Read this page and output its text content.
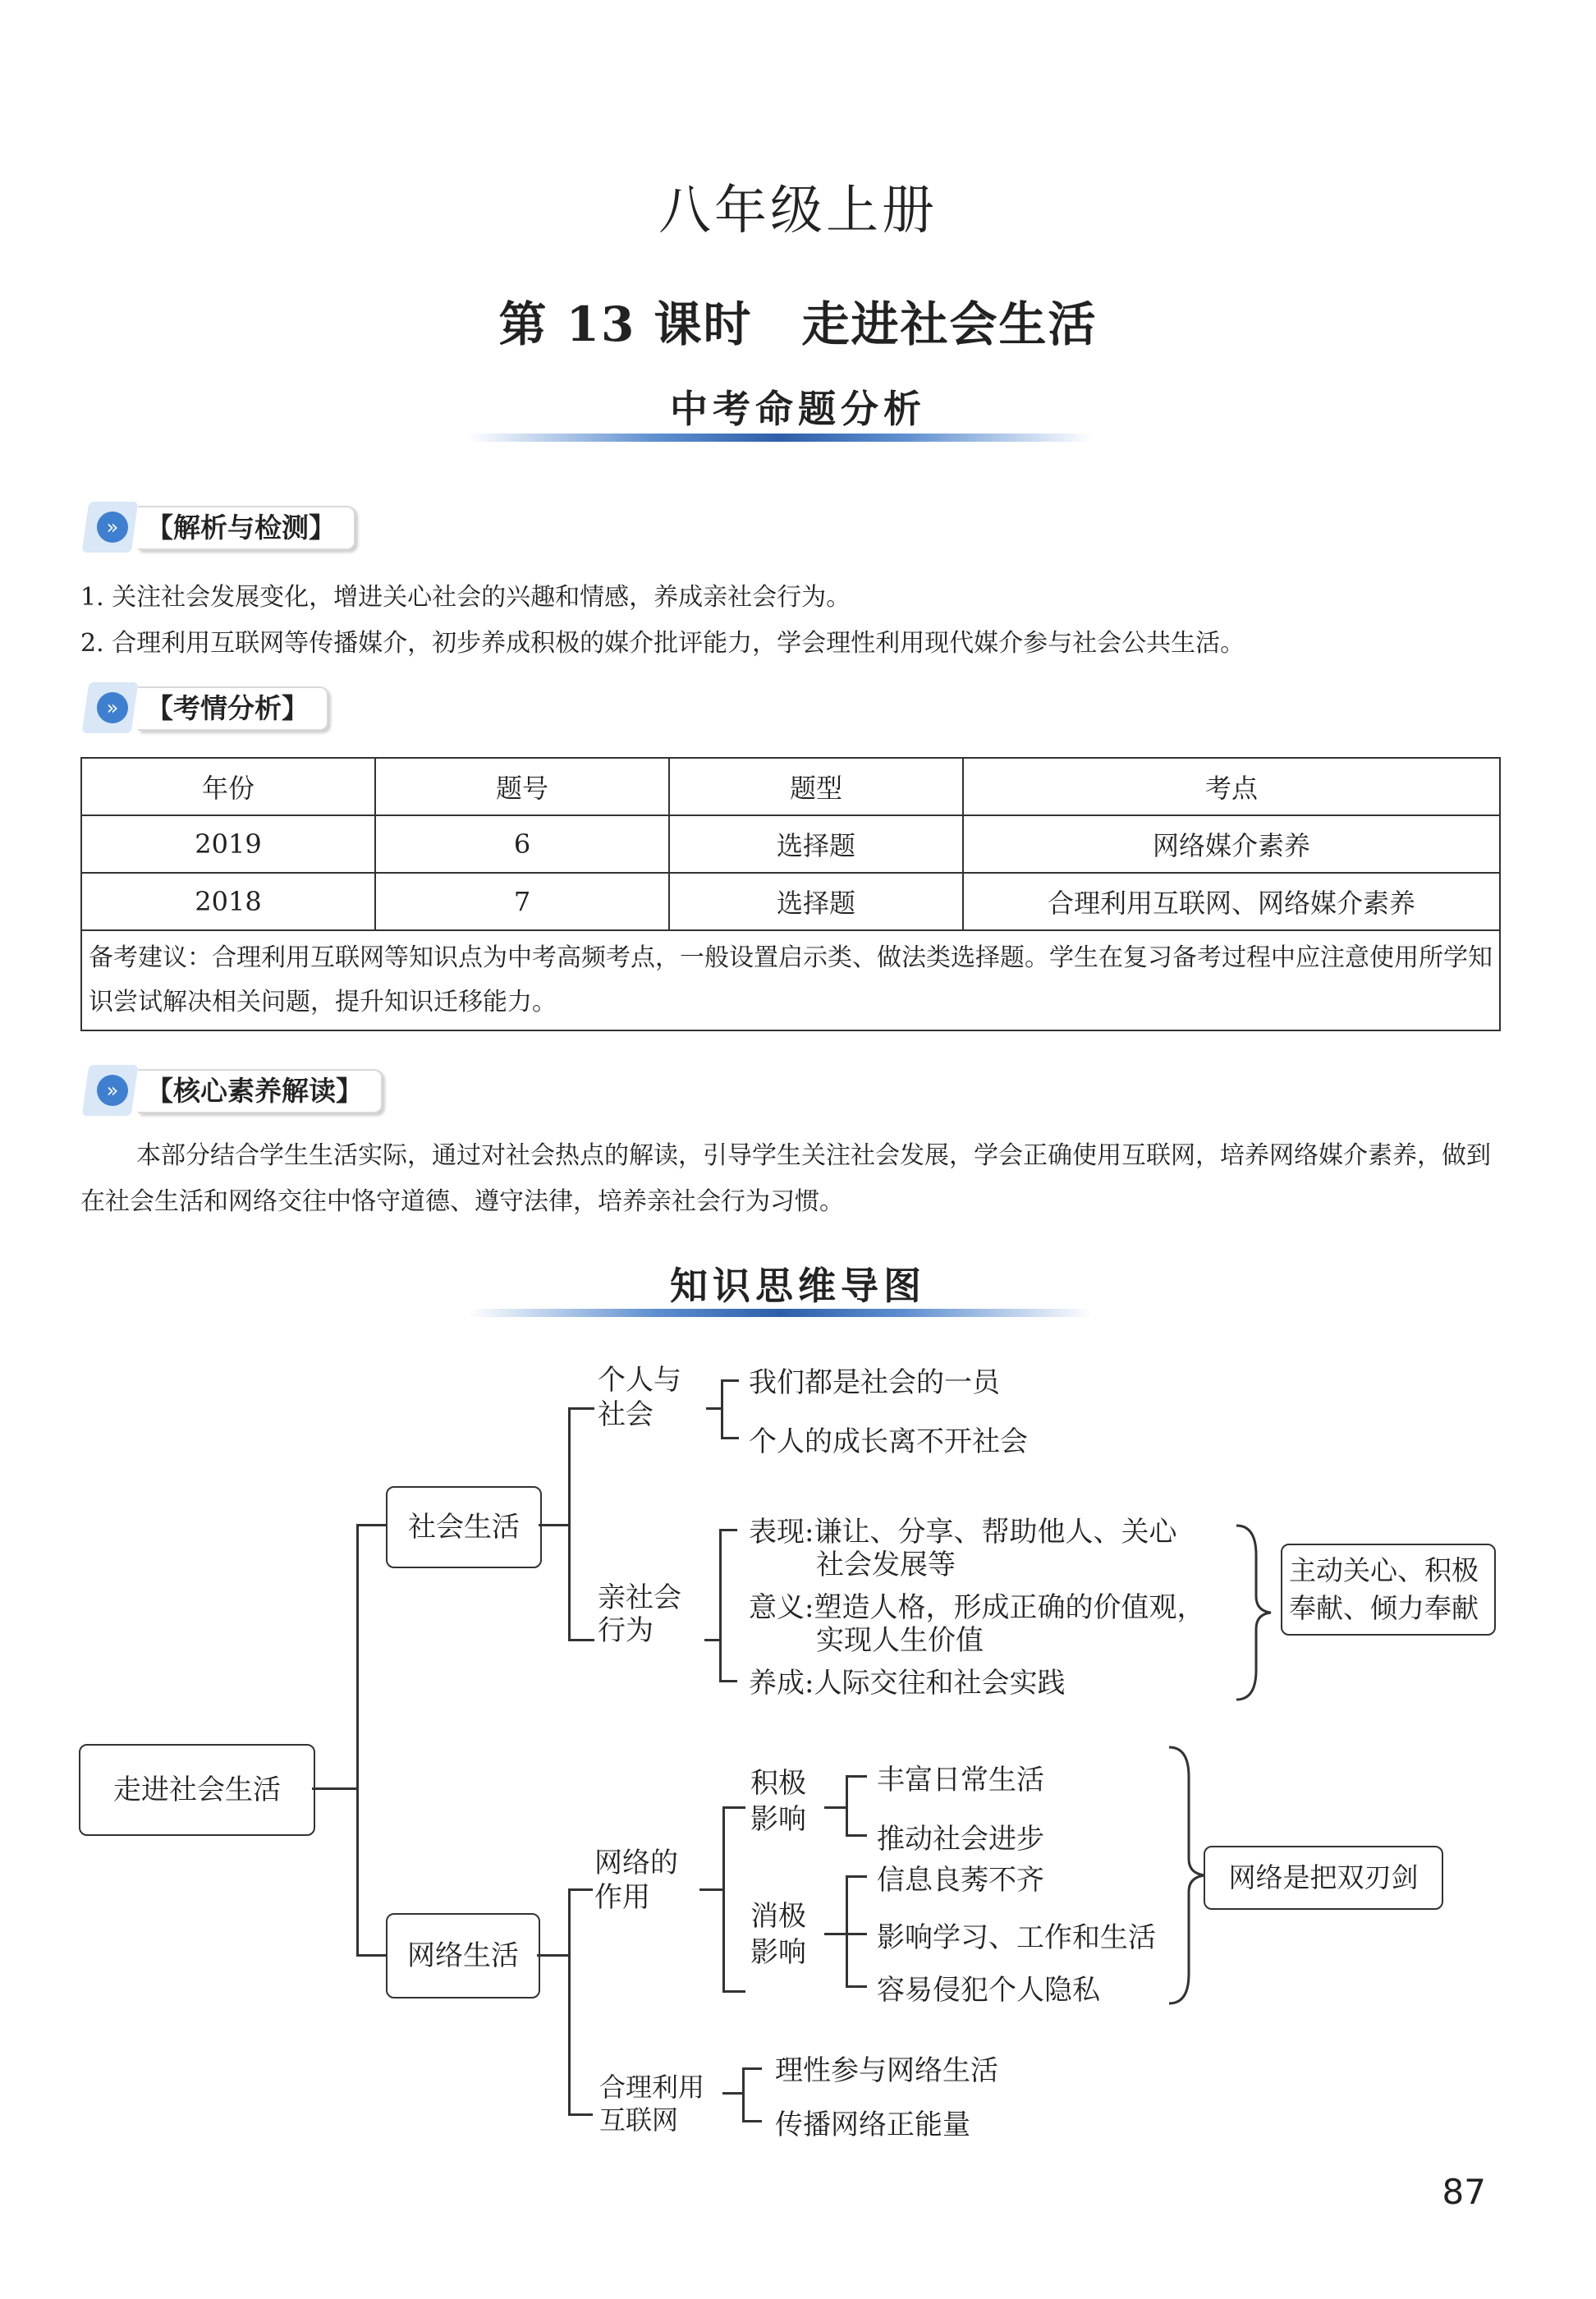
八年级上册
第 13 课时　走进社会生活
中考命题分析
»	【解析与检测】
1. 关注社会发展变化，增进关心社会的兴趣和情感，养成亲社会行为。
2. 合理利用互联网等传播媒介，初步养成积极的媒介批评能力，学会理性利用现代媒介参与社会公共生活。
»	【考情分析】
年份	题号	题型	考点
2019	6	选择题	网络媒介素养
2018	7	选择题	合理利用互联网、网络媒介素养
备考建议：合理利用互联网等知识点为中考高频考点，一般设置启示类、做法类选择题。学生在复习备考过程中应注意使用所学知识尝试解决相关问题，提升知识迁移能力。			
»	【核心素养解读】
本部分结合学生生活实际，通过对社会热点的解读，引导学生关注社会发展，学会正确使用互联网，培养网络媒介素养，做到在社会生活和网络交往中恪守道德、遵守法律，培养亲社会行为习惯。
知识思维导图
走进社会生活
社会生活
个人与社会
我们都是社会的一员
个人的成长离不开社会
亲社会行为
表现:谦让、分享、帮助他人、关心
社会发展等
意义:塑造人格，形成正确的价值观，
实现人生价值
养成:人际交往和社会实践
主动关心、积极奉献、倾力奉献
网络生活
网络的作用
积极影响
丰富日常生活
推动社会进步
消极影响
信息良莠不齐
影响学习、工作和生活
容易侵犯个人隐私
网络是把双刃剑
合理利用互联网
理性参与网络生活
传播网络正能量
87
